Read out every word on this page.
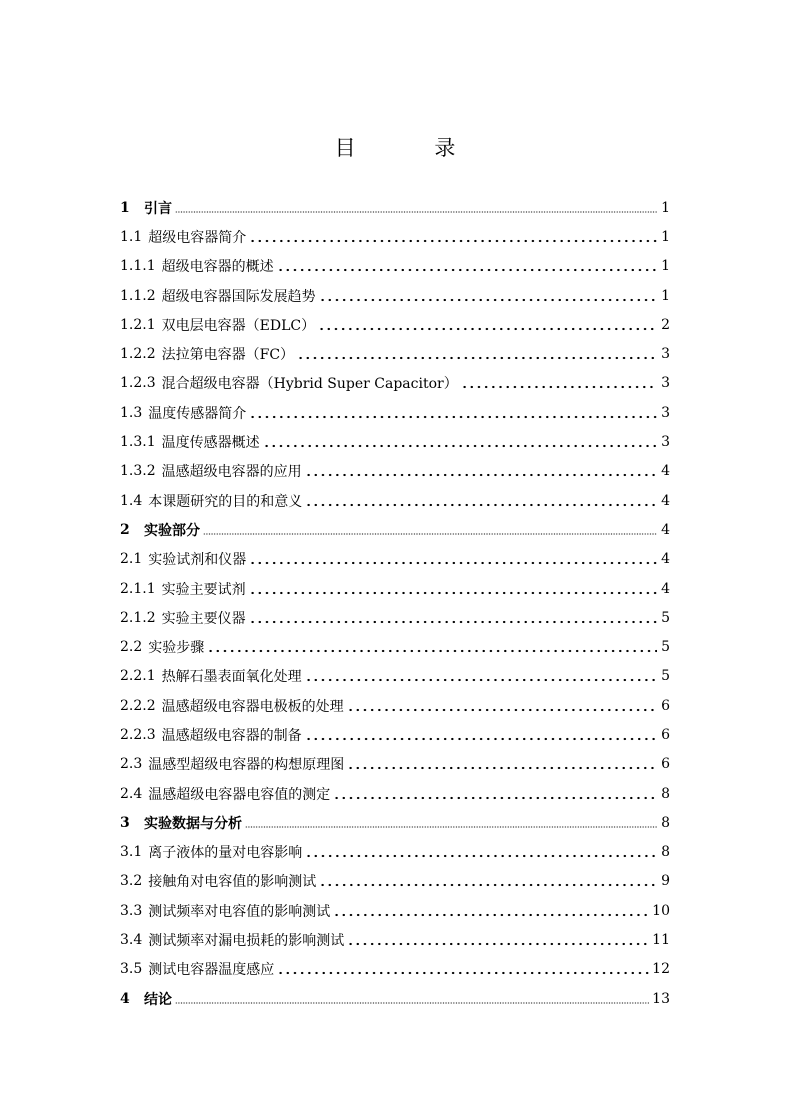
目 录
1	引言	1
1.1 超级电容器简介	1
1.1.1 超级电容器的概述	1
1.1.2 超级电容器国际发展趋势	1
1.2.1 双电层电容器（EDLC）	2
1.2.2 法拉第电容器（FC）	3
1.2.3 混合超级电容器（Hybrid Super Capacitor）	3
1.3 温度传感器简介	3
1.3.1 温度传感器概述	3
1.3.2 温感超级电容器的应用	4
1.4 本课题研究的目的和意义	4
2	实验部分	4
2.1 实验试剂和仪器	4
2.1.1 实验主要试剂	4
2.1.2 实验主要仪器	5
2.2 实验步骤	5
2.2.1 热解石墨表面氧化处理	5
2.2.2 温感超级电容器电极板的处理	6
2.2.3 温感超级电容器的制备	6
2.3 温感型超级电容器的构想原理图	6
2.4 温感超级电容器电容值的测定	8
3	实验数据与分析	8
3.1 离子液体的量对电容影响	8
3.2 接触角对电容值的影响测试	9
3.3 测试频率对电容值的影响测试	10
3.4 测试频率对漏电损耗的影响测试	11
3.5 测试电容器温度感应	12
4	结论	13
